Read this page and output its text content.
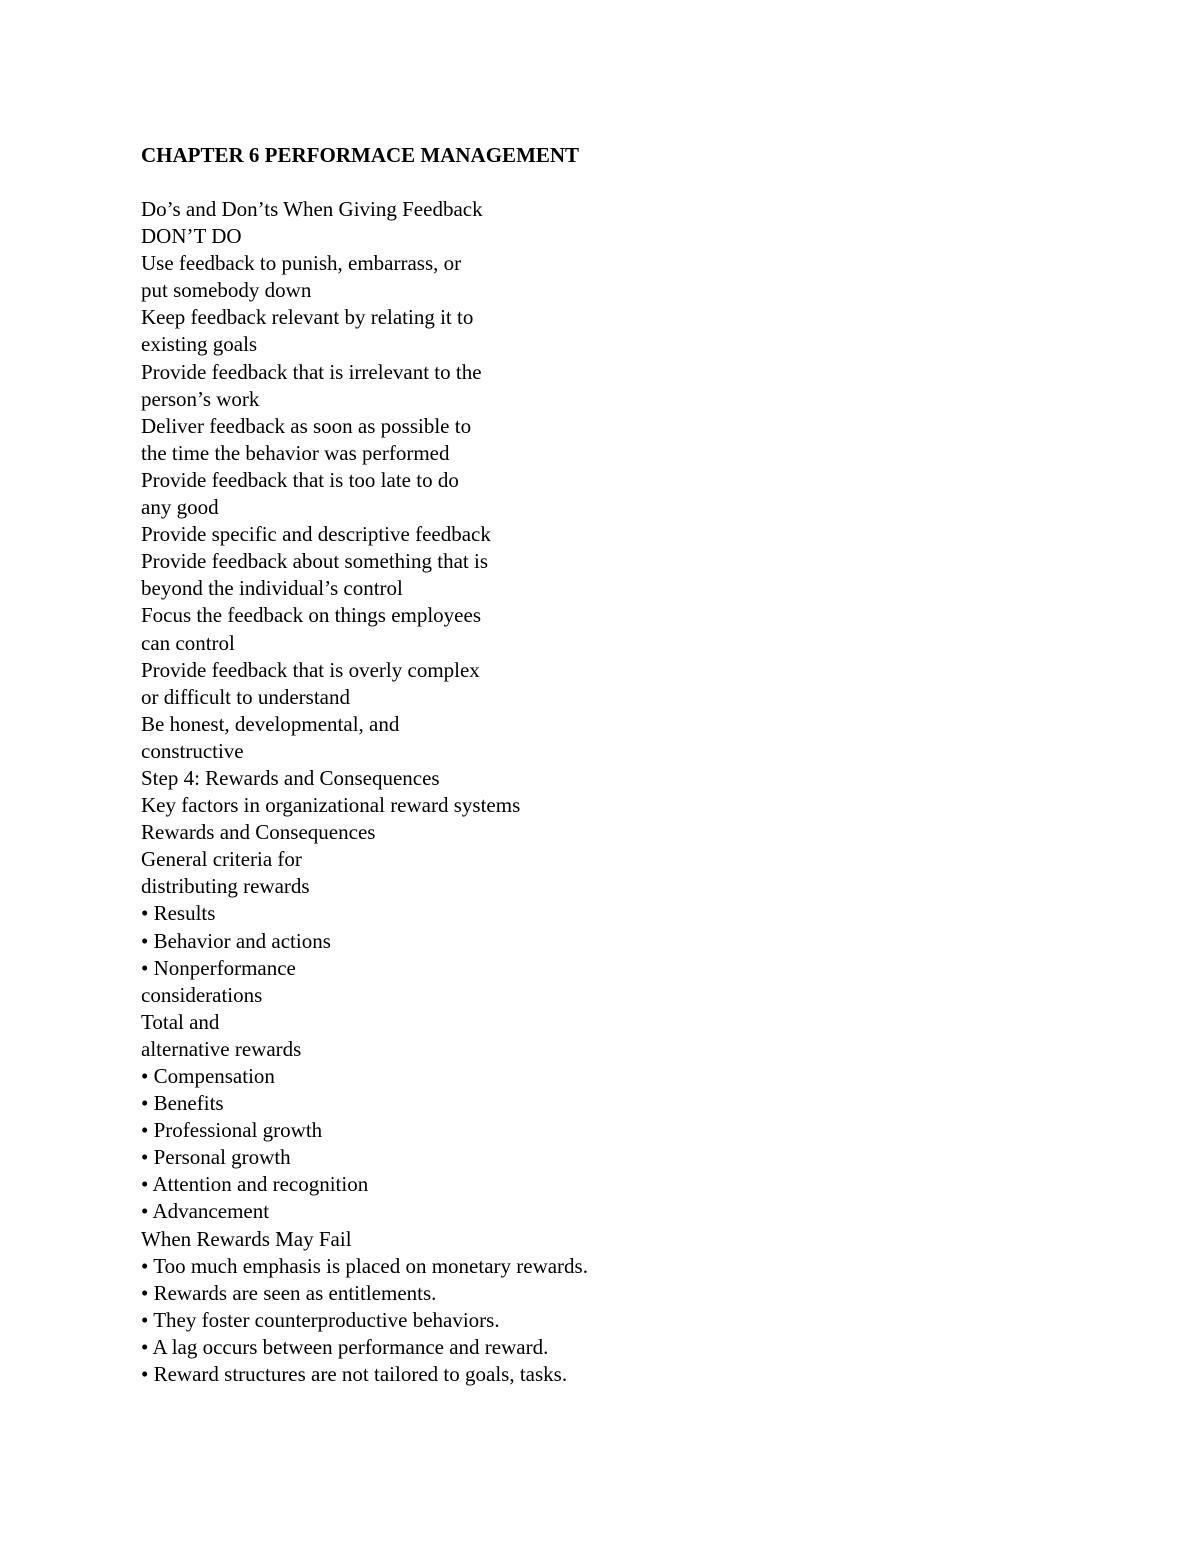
CHAPTER 6 PERFORMACE MANAGEMENT
Do’s and Don’ts When Giving Feedback
DON’T DO
Use feedback to punish, embarrass, or
put somebody down
Keep feedback relevant by relating it to
existing goals
Provide feedback that is irrelevant to the
person’s work
Deliver feedback as soon as possible to
the time the behavior was performed
Provide feedback that is too late to do
any good
Provide specific and descriptive feedback
Provide feedback about something that is
beyond the individual’s control
Focus the feedback on things employees
can control
Provide feedback that is overly complex
or difficult to understand
Be honest, developmental, and
constructive
Step 4: Rewards and Consequences
Key factors in organizational reward systems
Rewards and Consequences
General criteria for
distributing rewards
• Results
• Behavior and actions
• Nonperformance
considerations
Total and
alternative rewards
• Compensation
• Benefits
• Professional growth
• Personal growth
• Attention and recognition
• Advancement
When Rewards May Fail
• Too much emphasis is placed on monetary rewards.
• Rewards are seen as entitlements.
• They foster counterproductive behaviors.
• A lag occurs between performance and reward.
• Reward structures are not tailored to goals, tasks.
